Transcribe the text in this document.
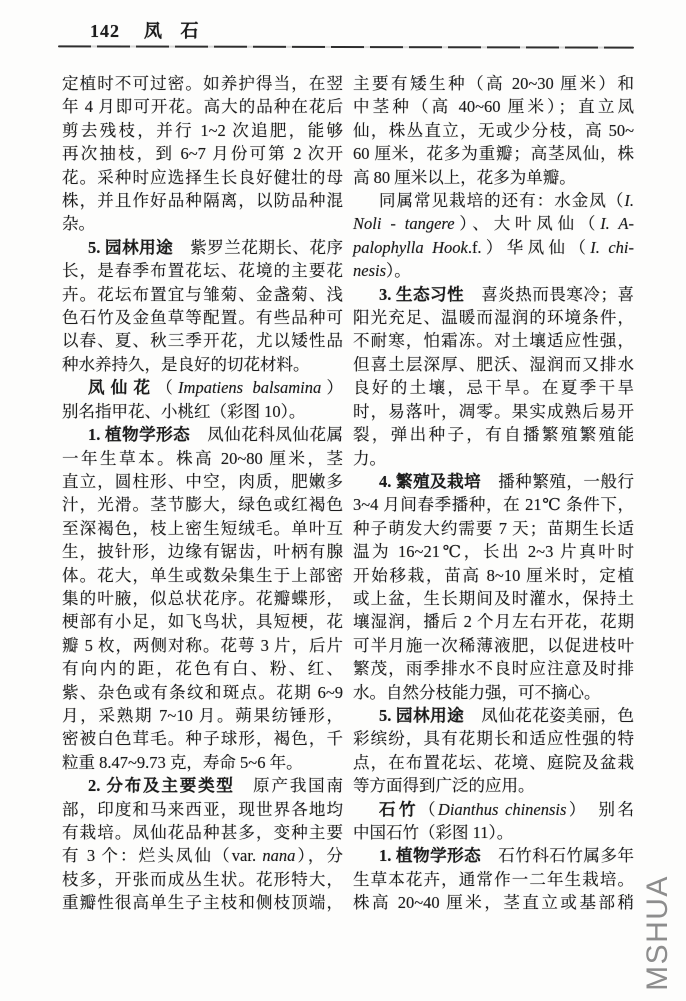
142 凤 石
定植时不可过密。如养护得当，在翌
年 4 月即可开花。高大的品种在花后
剪去残枝，并行 1~2 次追肥，能够
再次抽枝，到 6~7 月份可第 2 次开
花。采种时应选择生长良好健壮的母
株，并且作好品种隔离，以防品种混
杂。
5. 园林用途　紫罗兰花期长、花序
长，是春季布置花坛、花境的主要花
卉。花坛布置宜与雏菊、金盏菊、浅
色石竹及金鱼草等配置。有些品种可
以春、夏、秋三季开花，尤以矮性品
种水养持久，是良好的切花材料。
凤仙花（Impatiens balsamina）
别名指甲花、小桃红（彩图 10）。
1. 植物学形态　凤仙花科凤仙花属
一年生草本。株高 20~80 厘米，茎
直立，圆柱形、中空，肉质，肥嫩多
汁，光滑。茎节膨大，绿色或红褐色
至深褐色，枝上密生短绒毛。单叶互
生，披针形，边缘有锯齿，叶柄有腺
体。花大，单生或数朵集生于上部密
集的叶腋，似总状花序。花瓣蝶形，
梗部有小足，如飞鸟状，具短梗，花
瓣 5 枚，两侧对称。花萼 3 片，后片
有向内的距，花色有白、粉、红、
紫、杂色或有条纹和斑点。花期 6~9
月，采熟期 7~10 月。蒴果纺锤形，
密被白色茸毛。种子球形，褐色，千
粒重 8.47~9.73 克，寿命 5~6 年。
2. 分布及主要类型　原产我国南
部，印度和马来西亚，现世界各地均
有栽培。凤仙花品种甚多，变种主要
有 3 个：烂头凤仙（var. nana），分
枝多，开张而成丛生状。花形特大，
重瓣性很高单生子主枝和侧枝顶端，
主要有矮生种（高 20~30 厘米）和
中茎种（高 40~60 厘米）；直立凤
仙，株丛直立，无或少分枝，高 50~
60 厘米，花多为重瓣；高茎凤仙，株
高 80 厘米以上，花多为单瓣。
同属常见栽培的还有：水金凤（I.
Noli - tangere）、大叶凤仙（I. A-
palophylla Hook.f.）华凤仙（I. chi-
nesis）。
3. 生态习性　喜炎热而畏寒冷；喜
阳光充足、温暖而湿润的环境条件，
不耐寒，怕霜冻。对土壤适应性强，
但喜土层深厚、肥沃、湿润而又排水
良好的土壤，忌干旱。在夏季干旱
时，易落叶，凋零。果实成熟后易开
裂，弹出种子，有自播繁殖繁殖能
力。
4. 繁殖及栽培　播种繁殖，一般行
3~4 月间春季播种，在 21℃ 条件下，
种子萌发大约需要 7 天；苗期生长适
温为 16~21℃，长出 2~3 片真叶时
开始移栽，苗高 8~10 厘米时，定植
或上盆，生长期间及时灌水，保持土
壤湿润，播后 2 个月左右开花，花期
可半月施一次稀薄液肥，以促进枝叶
繁茂，雨季排水不良时应注意及时排
水。自然分枝能力强，可不摘心。
5. 园林用途　凤仙花花姿美丽，色
彩缤纷，具有花期长和适应性强的特
点，在布置花坛、花境、庭院及盆栽
等方面得到广泛的应用。
石竹（Dianthus chinensis）　别名
中国石竹（彩图 11）。
1. 植物学形态　石竹科石竹属多年
生草本花卉，通常作一二年生栽培。
株高 20~40 厘米，茎直立或基部稍 MSHUA
